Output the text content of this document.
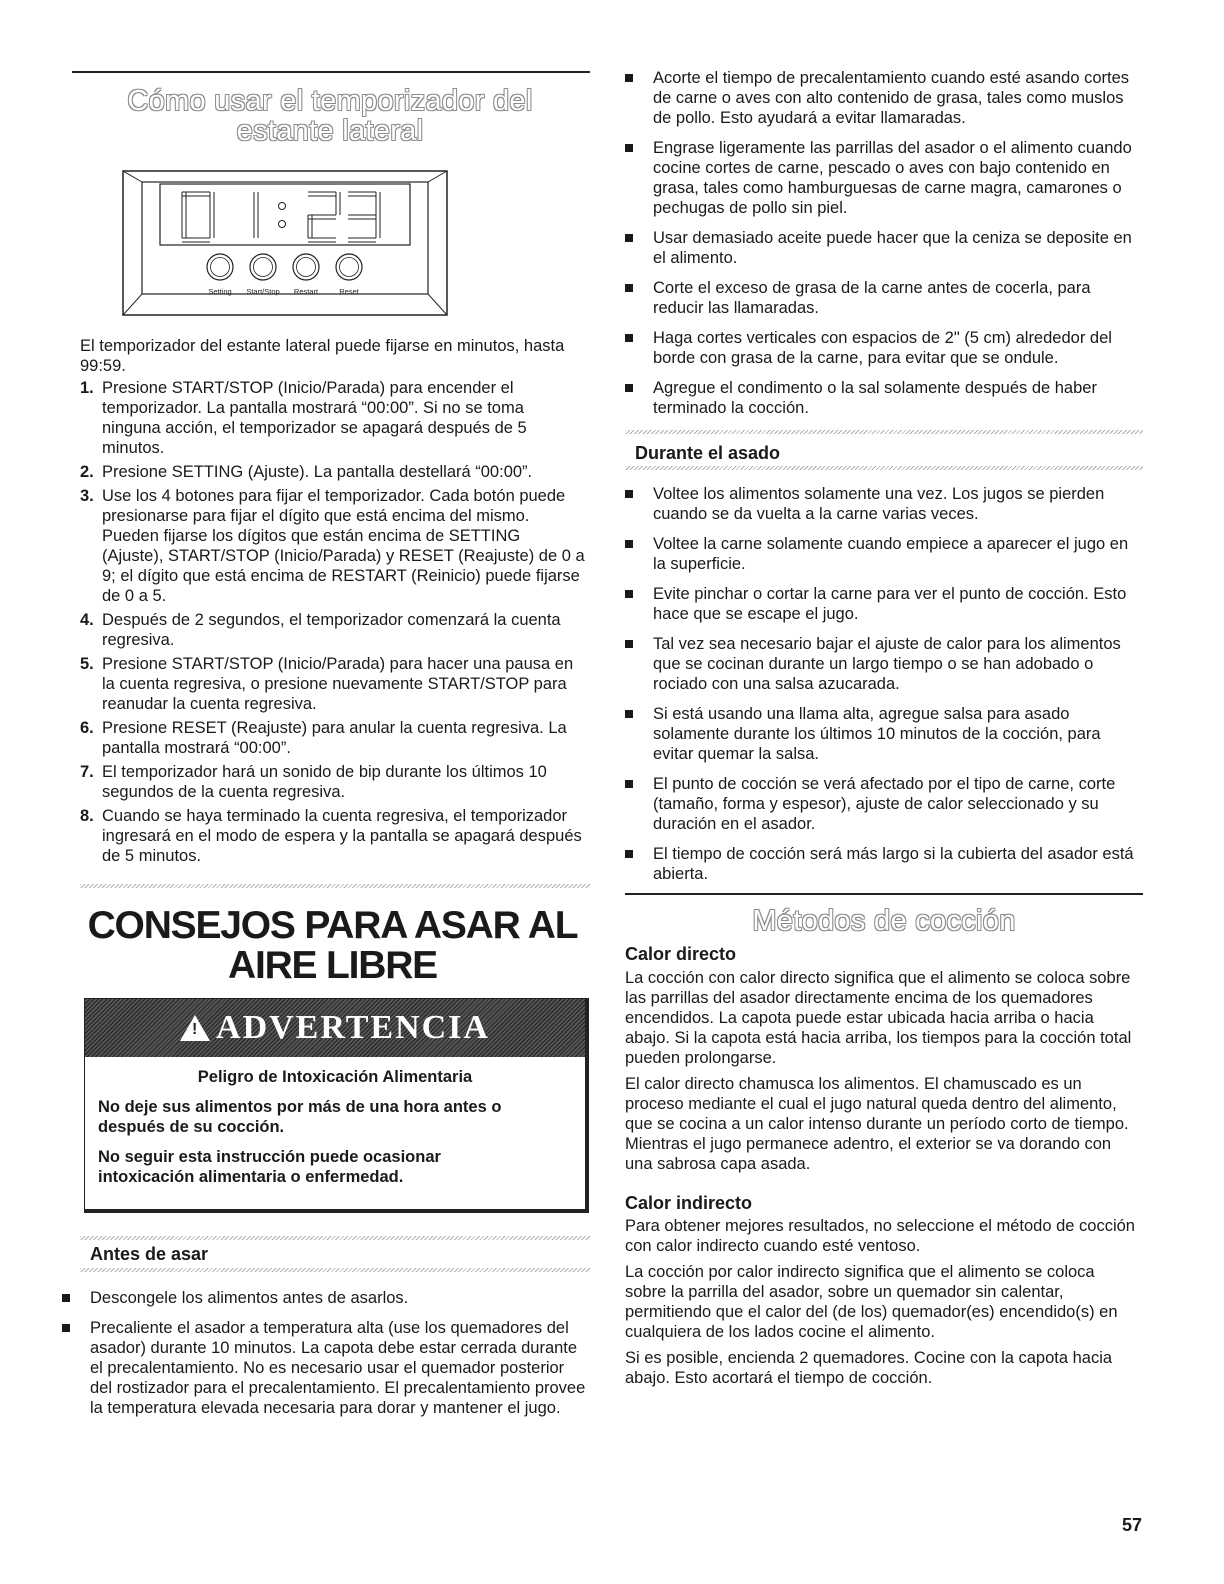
Cómo usar el temporizador del estante lateral
Setting Start/Stop Restart	Reset

El temporizador del estante lateral puede fijarse en minutos, hasta 99:59.

1. Presione START/STOP (Inicio/Parada) para encender el temporizador. La pantalla mostrará “00:00”. Si no se toma ninguna acción, el temporizador se apagará después de 5 minutos.
2. Presione SETTING (Ajuste). La pantalla destellará “00:00”.
3. Use los 4 botones para fijar el temporizador. Cada botón puede presionarse para fijar el dígito que está encima del mismo. Pueden fijarse los dígitos que están encima de SETTING (Ajuste), START/STOP (Inicio/Parada) y RESET (Reajuste) de 0 a 9; el dígito que está encima de RESTART (Reinicio) puede fijarse de 0 a 5.
4. Después de 2 segundos, el temporizador comenzará la cuenta regresiva.
5. Presione START/STOP (Inicio/Parada) para hacer una pausa en la cuenta regresiva, o presione nuevamente START/STOP para reanudar la cuenta regresiva.
6. Presione RESET (Reajuste) para anular la cuenta regresiva. La pantalla mostrará “00:00”.
7. El temporizador hará un sonido de bip durante los últimos 10 segundos de la cuenta regresiva.
8. Cuando se haya terminado la cuenta regresiva, el temporizador ingresará en el modo de espera y la pantalla se apagará después de 5 minutos.
CONSEJOS PARA ASAR AL
AIRE LIBRE
!
ADVERTENCIA
Peligro de Intoxicación Alimentaria
No deje sus alimentos por más de una hora antes o después de su cocción.
No seguir esta instrucción puede ocasionar intoxicación alimentaria o enfermedad.
Antes de asar
Descongele los alimentos antes de asarlos.
Precaliente el asador a temperatura alta (use los quemadores del asador) durante 10 minutos. La capota debe estar cerrada durante el precalentamiento. No es necesario usar el quemador posterior del rostizador para el precalentamiento. El precalentamiento provee la temperatura elevada necesaria para dorar y mantener el jugo.
Acorte el tiempo de precalentamiento cuando esté asando cortes de carne o aves con alto contenido de grasa, tales como muslos de pollo. Esto ayudará a evitar llamaradas.
Engrase ligeramente las parrillas del asador o el alimento cuando cocine cortes de carne, pescado o aves con bajo contenido en grasa, tales como hamburguesas de carne magra, camarones o pechugas de pollo sin piel.
Usar demasiado aceite puede hacer que la ceniza se deposite en el alimento.
Corte el exceso de grasa de la carne antes de cocerla, para reducir las llamaradas.
Haga cortes verticales con espacios de 2" (5 cm) alrededor del borde con grasa de la carne, para evitar que se ondule.
Agregue el condimento o la sal solamente después de haber terminado la cocción.
Durante el asado
Voltee los alimentos solamente una vez. Los jugos se pierden cuando se da vuelta a la carne varias veces.
Voltee la carne solamente cuando empiece a aparecer el jugo en la superficie.
Evite pinchar o cortar la carne para ver el punto de cocción. Esto hace que se escape el jugo.
Tal vez sea necesario bajar el ajuste de calor para los alimentos que se cocinan durante un largo tiempo o se han adobado o rociado con una salsa azucarada.
Si está usando una llama alta, agregue salsa para asado solamente durante los últimos 10 minutos de la cocción, para evitar quemar la salsa.
El punto de cocción se verá afectado por el tipo de carne, corte (tamaño, forma y espesor), ajuste de calor seleccionado y su duración en el asador.
El tiempo de cocción será más largo si la cubierta del asador está abierta.
Métodos de cocción
Calor directo

La cocción con calor directo significa que el alimento se coloca sobre las parrillas del asador directamente encima de los quemadores encendidos. La capota puede estar ubicada hacia arriba o hacia abajo. Si la capota está hacia arriba, los tiempos para la cocción total pueden prolongarse.

El calor directo chamusca los alimentos. El chamuscado es un proceso mediante el cual el jugo natural queda dentro del alimento, que se cocina a un calor intenso durante un período corto de tiempo. Mientras el jugo permanece adentro, el exterior se va dorando con una sabrosa capa asada.

Calor indirecto

Para obtener mejores resultados, no seleccione el método de cocción con calor indirecto cuando esté ventoso.

La cocción por calor indirecto significa que el alimento se coloca sobre la parrilla del asador, sobre un quemador sin calentar, permitiendo que el calor del (de los) quemador(es) encendido(s) en cualquiera de los lados cocine el alimento.

Si es posible, encienda 2 quemadores. Cocine con la capota hacia abajo. Esto acortará el tiempo de cocción.

57
